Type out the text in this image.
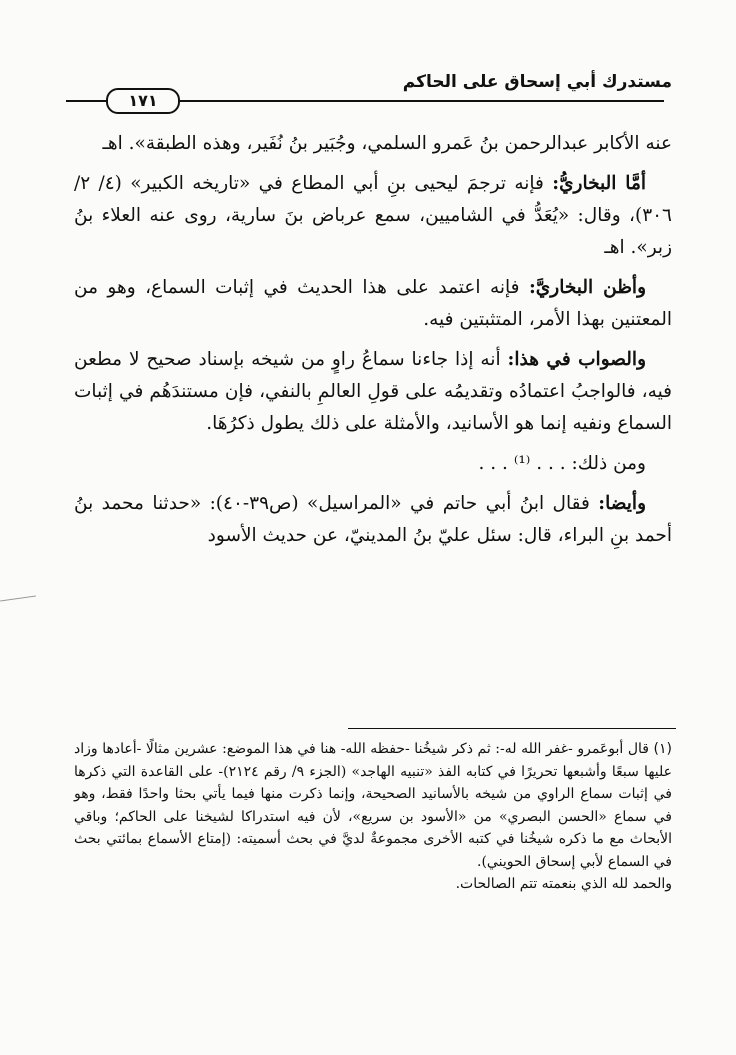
مستدرك أبي إسحاق على الحاكم
١٧١

عنه الأكابر عبدالرحمن بنُ عَمرو السلمي، وجُبَير بنُ نُفَير، وهذه الطبقة». اهـ

أمَّا البخاريُّ: فإنه ترجمَ ليحيى بنِ أبي المطاع في «تاريخه الكبير» (٤/ ٢/ ٣٠٦)، وقال: «يُعَدُّ في الشاميين، سمع عرباض بنَ سارية، روى عنه العلاء بنُ زبر». اهـ

وأظن البخاريَّ: فإنه اعتمد على هذا الحديث في إثبات السماع، وهو من المعتنين بهذا الأمر، المتثبتين فيه.

والصواب في هذا: أنه إذا جاءنا سماعُ راوٍ من شيخه بإسناد صحيح لا مطعن فيه، فالواجبُ اعتمادُه وتقديمُه على قولِ العالمِ بالنفي، فإن مستندَهُم في إثبات السماع ونفيه إنما هو الأسانيد، والأمثلة على ذلك يطول ذكرُهَا.

ومن ذلك: . . . ⁽¹⁾ . . .

وأيضا: فقال ابنُ أبي حاتم في «المراسيل» (ص٣٩-٤٠): «حدثنا محمد بنُ أحمد بنِ البراء، قال: سئل عليّ بنُ المدينيّ، عن حديث الأسود

(١) قال أبوعَمرو -غفر الله له-: ثم ذكر شيخُنا -حفظه الله- هنا في هذا الموضع: عشرين مثالًا -أعادها وزاد عليها سبعًا وأشبعها تحريرًا في كتابه الفذ «تنبيه الهاجد» (الجزء ٩/ رقم ٢١٢٤)- على القاعدة التي ذكرها في إثبات سماع الراوي من شيخه بالأسانيد الصحيحة، وإنما ذكرت منها فيما يأتي بحثا واحدًا فقط، وهو في سماع «الحسن البصري» من «الأسود بن سريع»، لأن فيه استدراكا لشيخنا على الحاكم؛ وباقي الأبحاث مع ما ذكره شيخُنا في كتبه الأخرى مجموعةٌ لديَّ في بحث أسميته: (إمتاع الأسماع بمائتي بحث في السماع لأبي إسحاق الحويني).

والحمد لله الذي بنعمته تتم الصالحات.
